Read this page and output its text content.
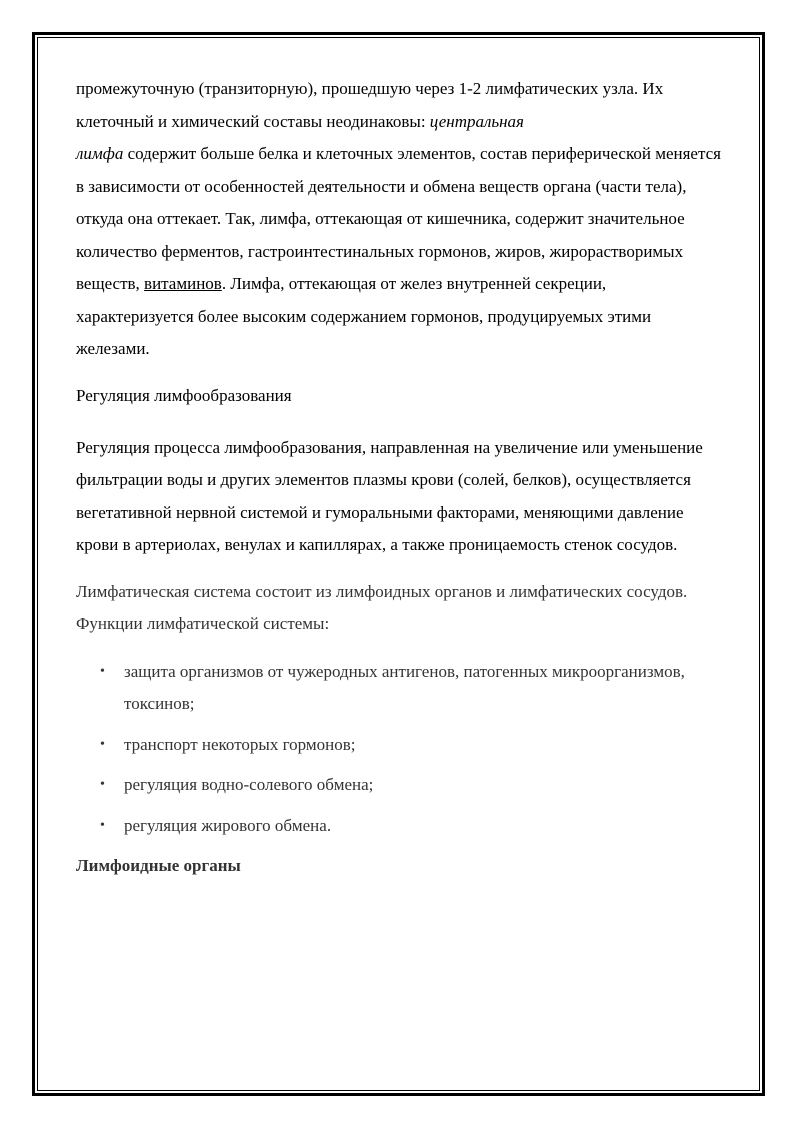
промежуточную (транзиторную), прошедшую через 1-2 лимфатических узла. Их клеточный и химический составы неодинаковы: центральная
лимфа содержит больше белка и клеточных элементов, состав периферической меняется в зависимости от особенностей деятельности и обмена веществ органа (части тела), откуда она оттекает. Так, лимфа, оттекающая от кишечника, содержит значительное количество ферментов, гастроинтестинальных гормонов, жиров, жирорастворимых веществ, витаминов. Лимфа, оттекающая от желез внутренней секреции, характеризуется более высоким содержанием гормонов, продуцируемых этими железами.

Регуляция лимфообразования

Регуляция процесса лимфообразования, направленная на увеличение или уменьшение фильтрации воды и других элементов плазмы крови (солей, белков), осуществляется вегетативной нервной системой и гуморальными факторами, меняющими давление крови в артериолах, венулах и капиллярах, а также проницаемость стенок сосудов.

Лимфатическая система состоит из лимфоидных органов и лимфатических сосудов.

Функции лимфатической системы:

• защита организмов от чужеродных антигенов, патогенных микроорганизмов, токсинов;
• транспорт некоторых гормонов;
• регуляция водно-солевого обмена;
• регуляция жирового обмена.

Лимфоидные органы
